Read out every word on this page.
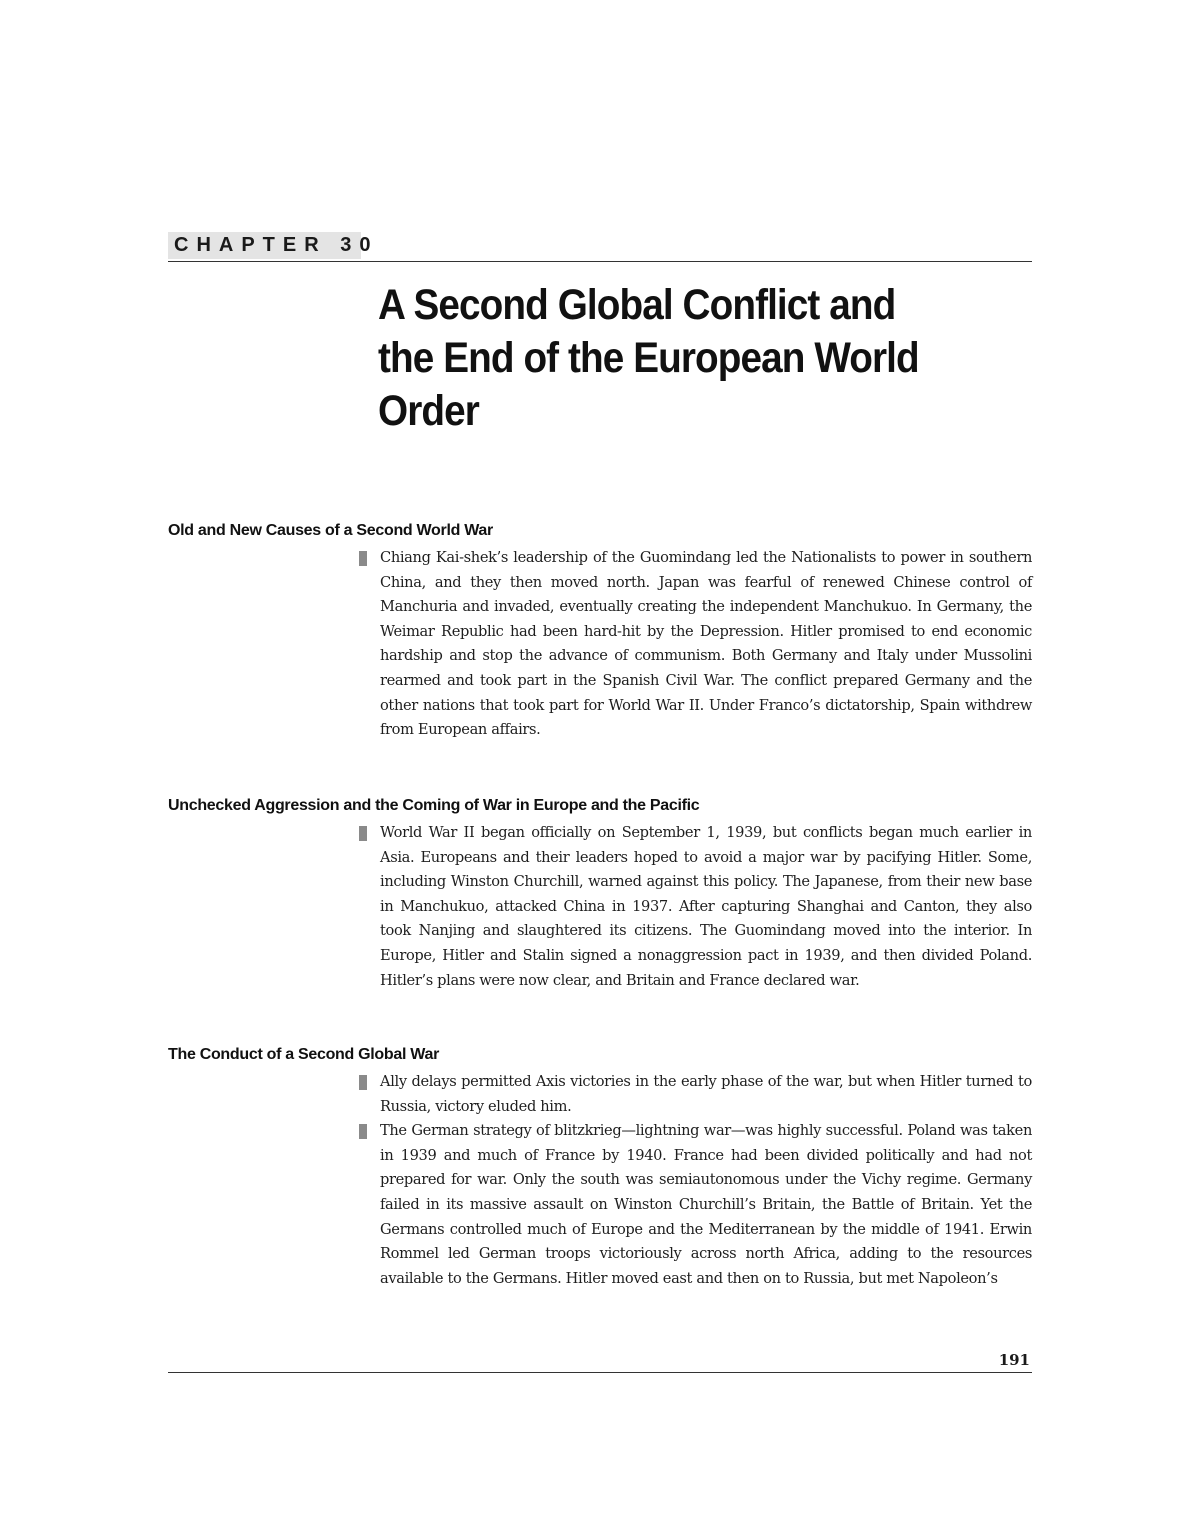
CHAPTER 30
A Second Global Conflict and
the End of the European World
Order
Old and New Causes of a Second World War
Chiang Kai-shek’s leadership of the Guomindang led the Nationalists to power in southern China, and they then moved north. Japan was fearful of renewed Chinese control of Manchuria and invaded, eventually creating the independent Manchukuo. In Germany, the Weimar Republic had been hard-hit by the Depression. Hitler promised to end economic hardship and stop the advance of communism. Both Germany and Italy under Mussolini rearmed and took part in the Spanish Civil War. The conflict prepared Germany and the other nations that took part for World War II. Under Franco’s dictatorship, Spain withdrew from European affairs.
Unchecked Aggression and the Coming of War in Europe and the Pacific
World War II began officially on September 1, 1939, but conflicts began much earlier in Asia. Europeans and their leaders hoped to avoid a major war by pacifying Hitler. Some, including Winston Churchill, warned against this policy. The Japanese, from their new base in Manchukuo, attacked China in 1937. After capturing Shanghai and Canton, they also took Nanjing and slaughtered its citizens. The Guomindang moved into the interior. In Europe, Hitler and Stalin signed a nonaggression pact in 1939, and then divided Poland. Hitler’s plans were now clear, and Britain and France declared war.
The Conduct of a Second Global War
Ally delays permitted Axis victories in the early phase of the war, but when Hitler turned to Russia, victory eluded him.
The German strategy of blitzkrieg—lightning war—was highly successful. Poland was taken in 1939 and much of France by 1940. France had been divided politically and had not prepared for war. Only the south was semiautonomous under the Vichy regime. Germany failed in its massive assault on Winston Churchill’s Britain, the Battle of Britain. Yet the Germans controlled much of Europe and the Mediterranean by the middle of 1941. Erwin Rommel led German troops victoriously across north Africa, adding to the resources available to the Germans. Hitler moved east and then on to Russia, but met Napoleon’s
191
